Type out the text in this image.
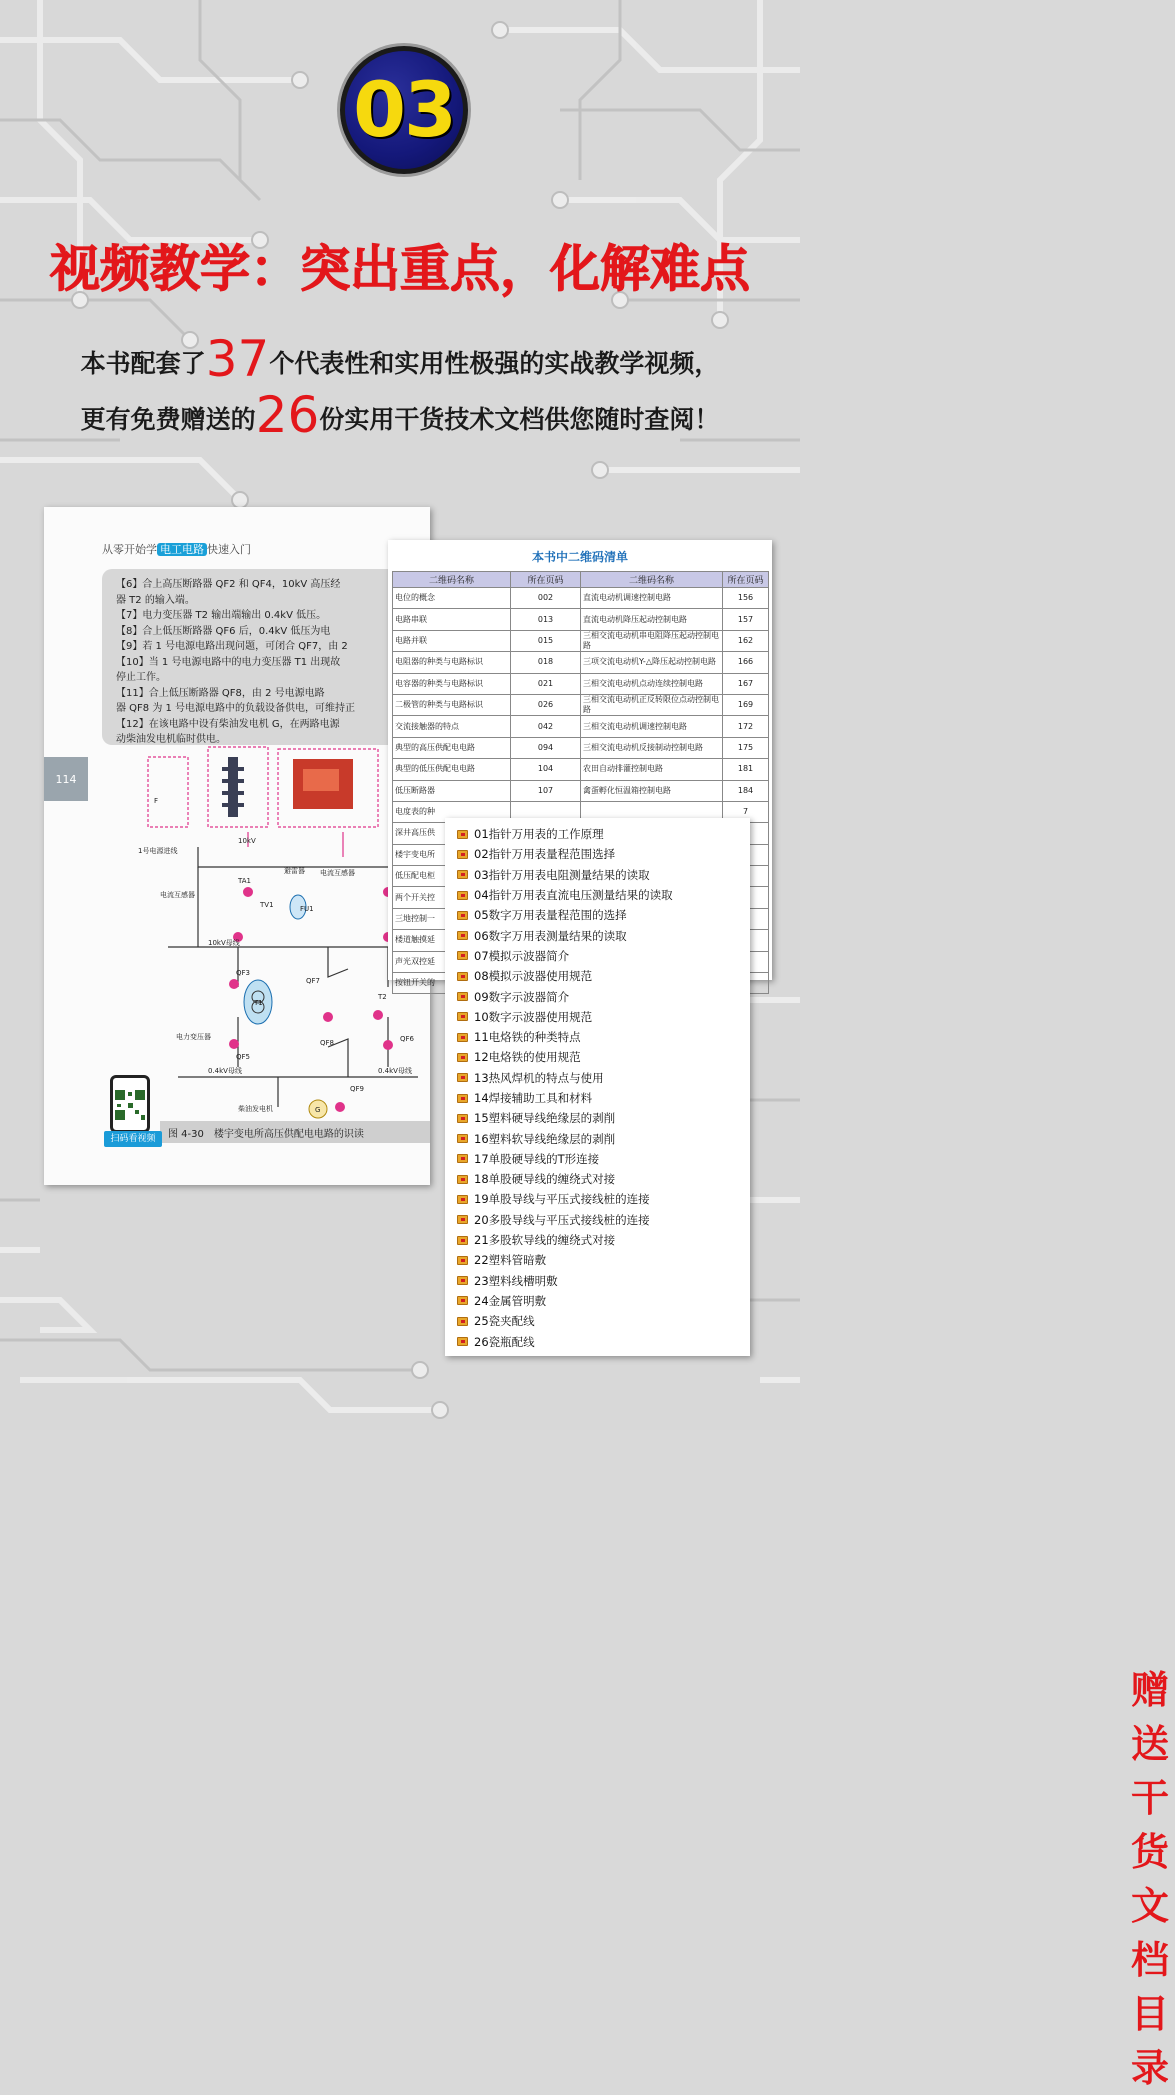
03
视频教学：突出重点，化解难点
本书配套了37个代表性和实用性极强的实战教学视频，
更有免费赠送的26份实用干货技术文档供您随时查阅！
从零开始学 电工电路 快速入门

【6】合上高压断路器 QF2 和 QF4，10kV 高压经

器 T2 的输入端。

【7】电力变压器 T2 输出端输出 0.4kV 低压。

【8】合上低压断路器 QF6 后，0.4kV 低压为电

【9】若 1 号电源电路出现问题，可闭合 QF7，由 2

【10】当 1 号电源电路中的电力变压器 T1 出现故

停止工作。

【11】合上低压断路器 QF8，由 2 号电源电路

器 QF8 为 1 号电源电路中的负载设备供电，可维持正

【12】在该电路中设有柴油发电机 G，在两路电源

动柴油发电机临时供电。

114
1号电源进线
10kV
避雷器
电流互感器
电流互感器
10kV母线
电力变压器
0.4kV母线	0.4kV母线
柴油发电机
QF3
QF5
QF7
QF8
QF9
QF6
TA1
TV1	FU1
T1
T2
G
F
图 4-30　楼宇变电所高压供配电电路的识读
扫码看视频
本书中二维码清单
二维码名称	所在页码	二维码名称	所在页码
电位的概念	002	直流电动机调速控制电路	156
电路串联	013	直流电动机降压起动控制电路	157
电路并联	015	三相交流电动机串电阻降压起动控制电路	162
电阻器的种类与电路标识	018	三项交流电动机Y-△降压起动控制电路	166
电容器的种类与电路标识	021	三相交流电动机点动连续控制电路	167
二极管的种类与电路标识	026	三相交流电动机正反转限位点动控制电路	169
交流接触器的特点	042	三相交流电动机调速控制电路	172
典型的高压供配电电路	094	三相交流电动机反接制动控制电路	175
典型的低压供配电电路	104	农田自动排灌控制电路	181
低压断路器	107	禽蛋孵化恒温箱控制电路	184
电度表的种			7
深井高压供			
楼宇变电所			
低压配电柜			
两个开关控			
三地控制一			
楼道触摸延			
声光双控延			
按钮开关的			
01指针万用表的工作原理
02指针万用表量程范围选择
03指针万用表电阻测量结果的读取
04指针万用表直流电压测量结果的读取
05数字万用表量程范围的选择
06数字万用表测量结果的读取
07模拟示波器简介
08模拟示波器使用规范
09数字示波器简介
10数字示波器使用规范
11电烙铁的种类特点
12电烙铁的使用规范
13热风焊机的特点与使用
14焊接辅助工具和材料
15塑料硬导线绝缘层的剥削
16塑料软导线绝缘层的剥削
17单股硬导线的T形连接
18单股硬导线的缠绕式对接
19单股导线与平压式接线桩的连接
20多股导线与平压式接线桩的连接
21多股软导线的缠绕式对接
22塑料管暗敷
23塑料线槽明敷
24金属管明敷
25瓷夹配线
26瓷瓶配线
赠
送
干
货
文
档
目
录
